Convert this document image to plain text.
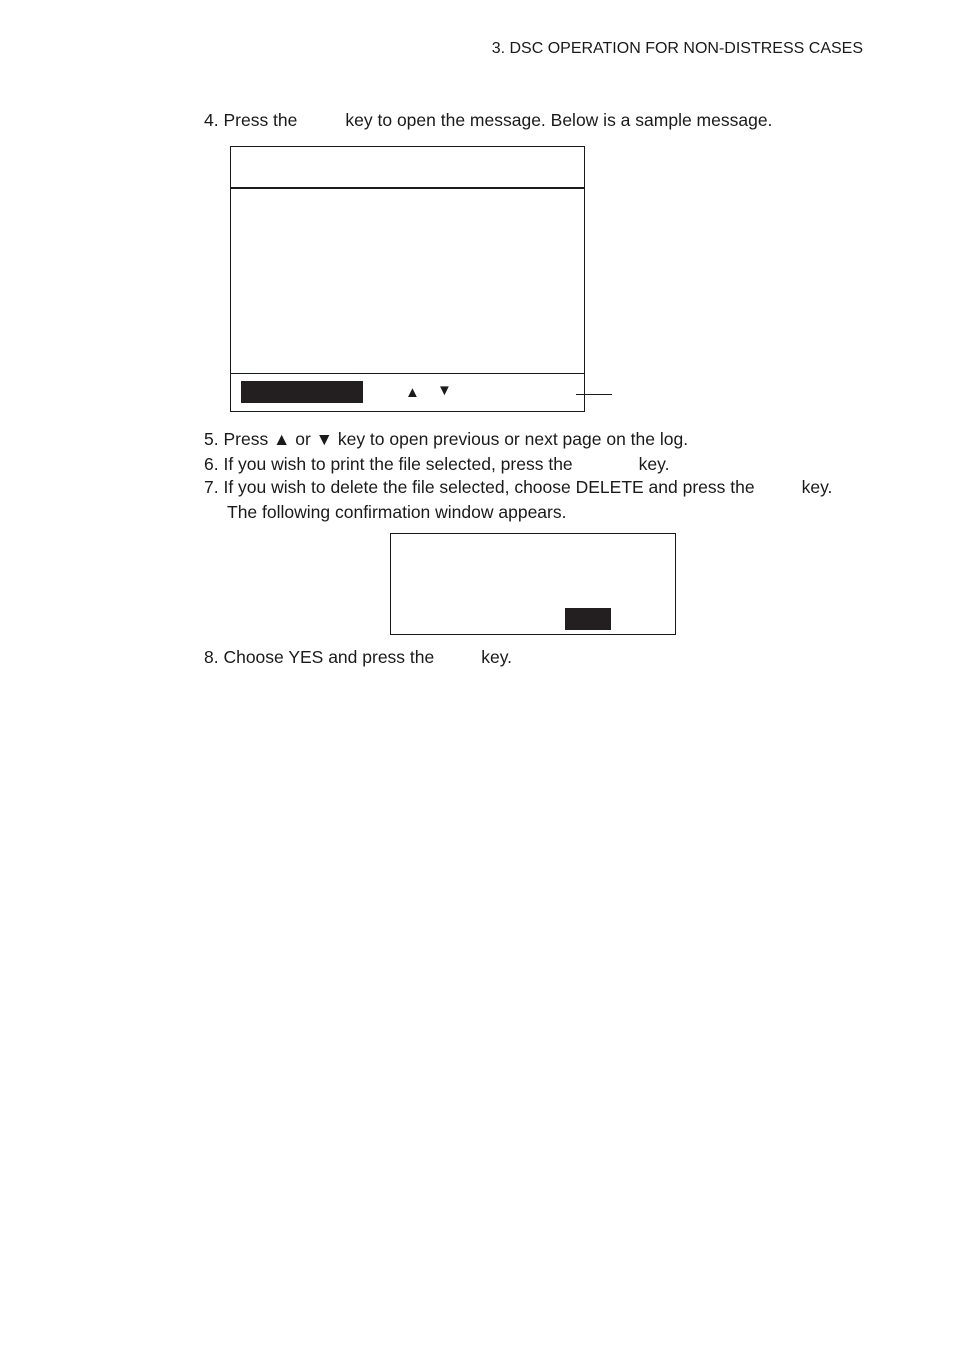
3. DSC OPERATION FOR NON-DISTRESS CASES
4. Press the	key to open the message. Below is a sample message.
▲ ▼
5. Press ▲ or ▼ key to open previous or next page on the log.
6. If you wish to print the file selected, press the	key.
7. If you wish to delete the file selected, choose DELETE and press the	key.
The following confirmation window appears.
8. Choose YES and press the	key.
